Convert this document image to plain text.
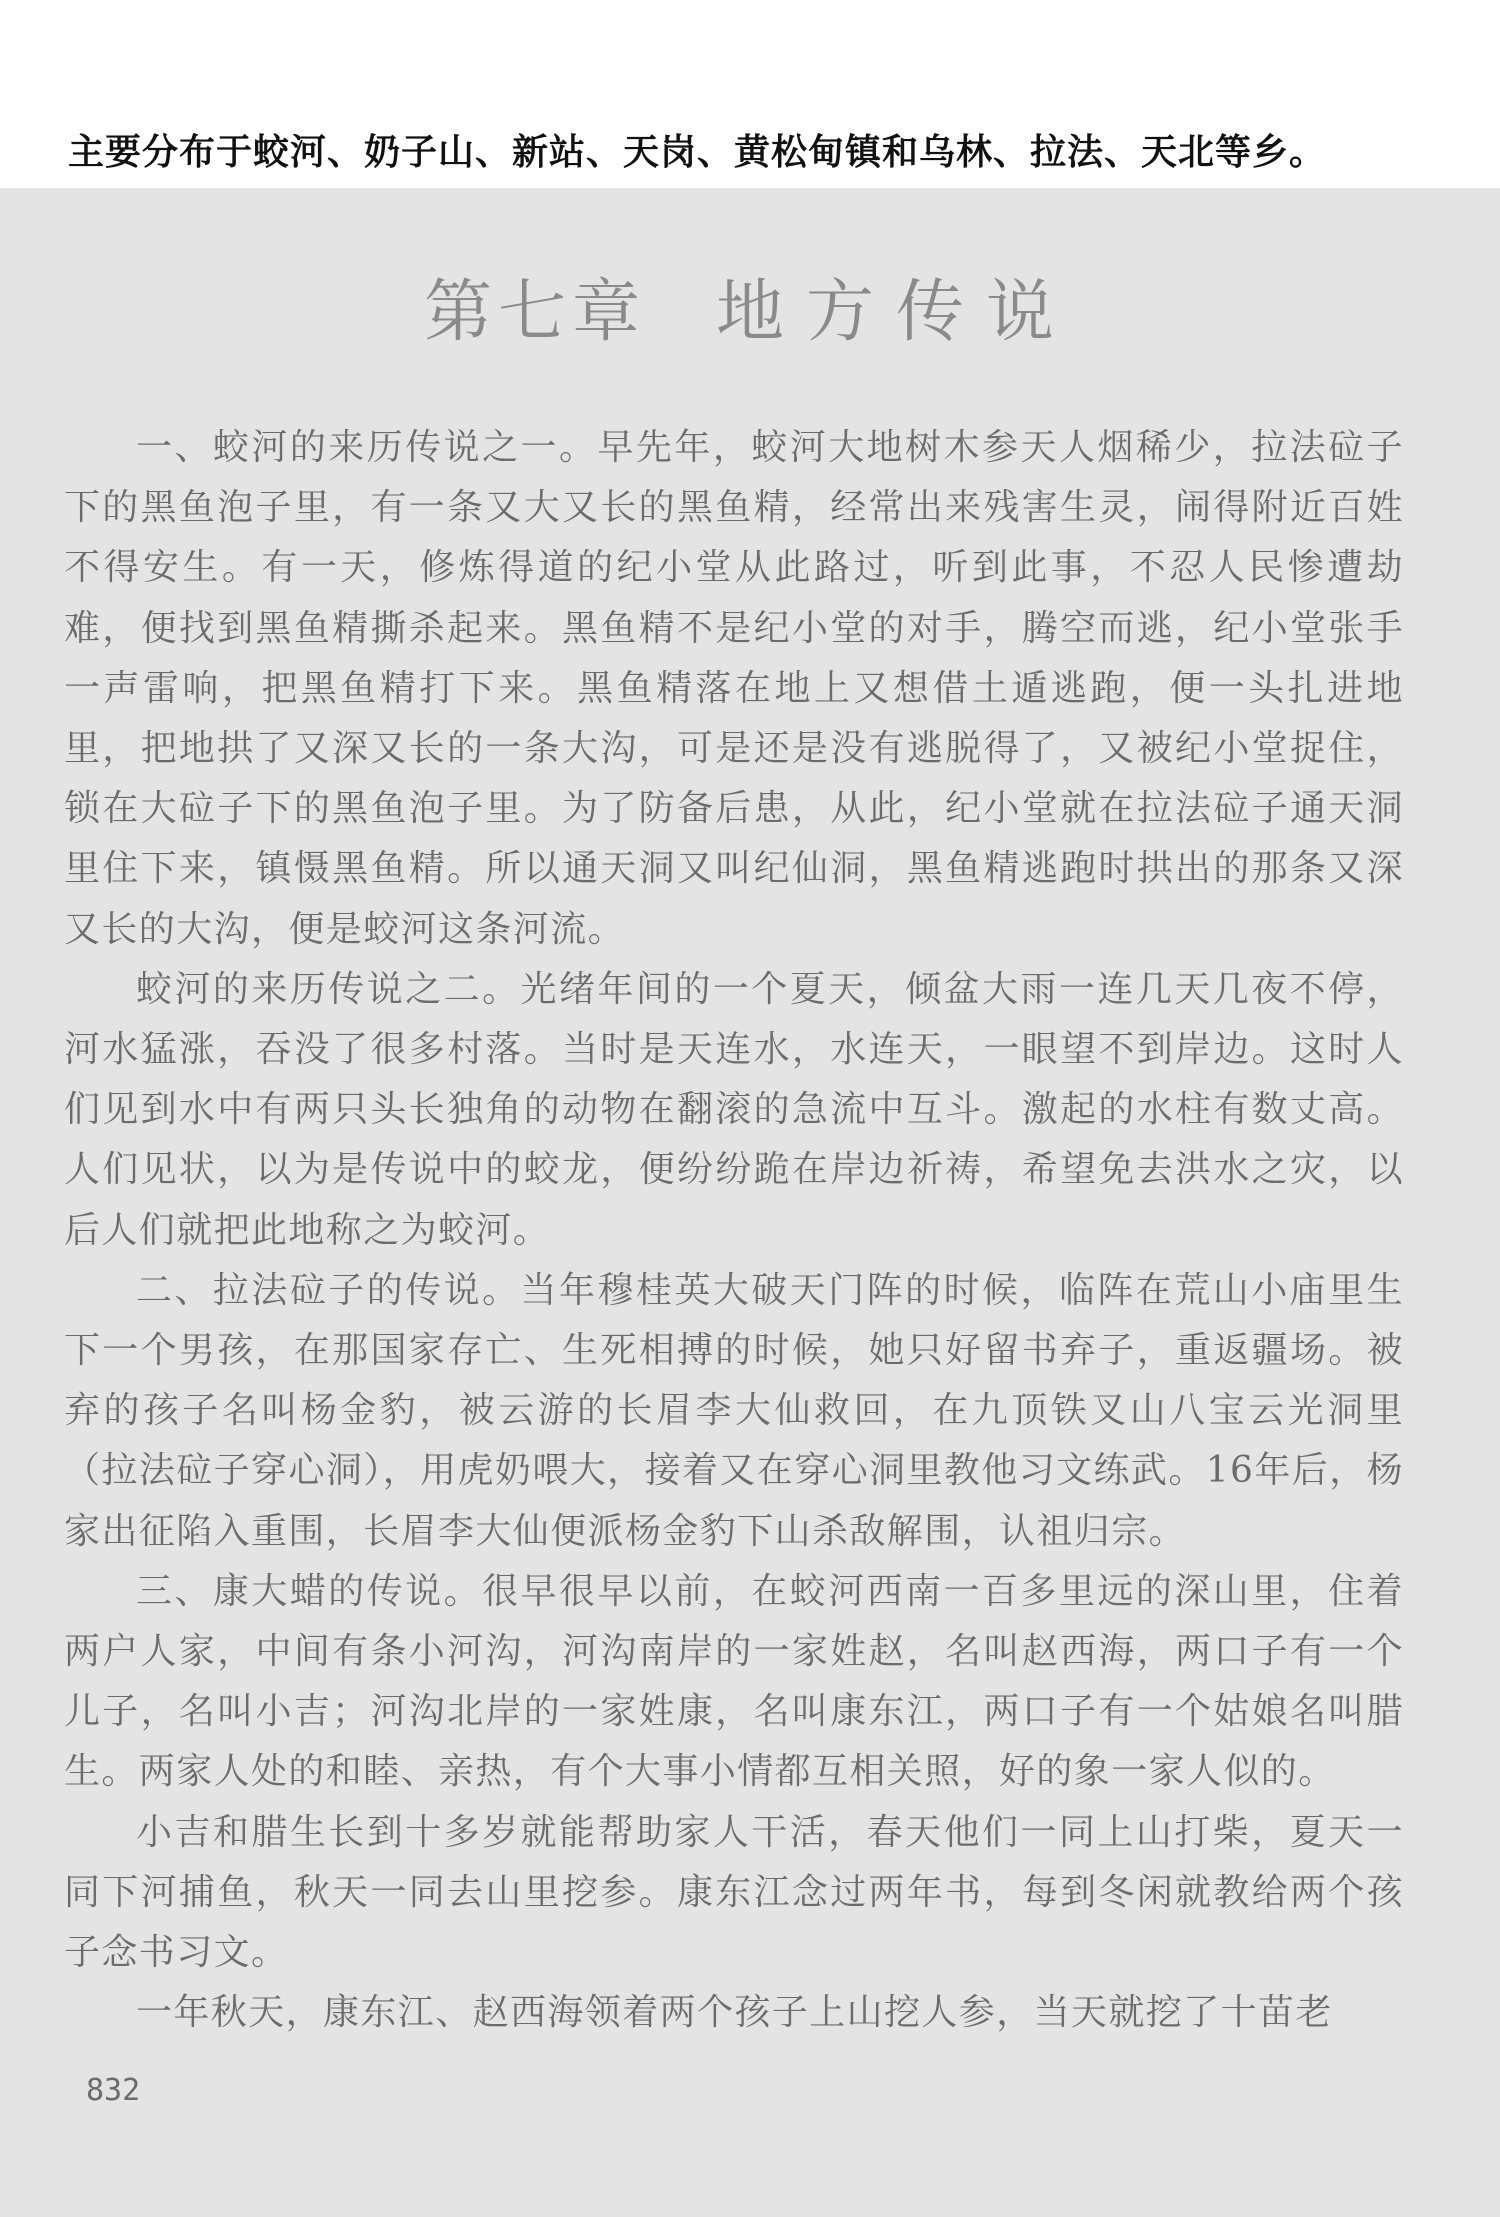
主要分布于蛟河、奶子山、新站、天岗、黄松甸镇和乌林、拉法、天北等乡。
第七章 地方传说

一、蛟河的来历传说之一。早先年，蛟河大地树木参天人烟稀少，拉法砬子下的黑鱼泡子里，有一条又大又长的黑鱼精，经常出来残害生灵，闹得附近百姓不得安生。有一天，修炼得道的纪小堂从此路过，听到此事，不忍人民惨遭劫难，便找到黑鱼精撕杀起来。黑鱼精不是纪小堂的对手，腾空而逃，纪小堂张手一声雷响，把黑鱼精打下来。黑鱼精落在地上又想借土遁逃跑，便一头扎进地里，把地拱了又深又长的一条大沟，可是还是没有逃脱得了，又被纪小堂捉住，锁在大砬子下的黑鱼泡子里。为了防备后患，从此，纪小堂就在拉法砬子通天洞里住下来，镇慑黑鱼精。所以通天洞又叫纪仙洞，黑鱼精逃跑时拱出的那条又深又长的大沟，便是蛟河这条河流。

蛟河的来历传说之二。光绪年间的一个夏天，倾盆大雨一连几天几夜不停，河水猛涨，吞没了很多村落。当时是天连水，水连天，一眼望不到岸边。这时人们见到水中有两只头长独角的动物在翻滚的急流中互斗。激起的水柱有数丈高。人们见状，以为是传说中的蛟龙，便纷纷跪在岸边祈祷，希望免去洪水之灾，以后人们就把此地称之为蛟河。

二、拉法砬子的传说。当年穆桂英大破天门阵的时候，临阵在荒山小庙里生下一个男孩，在那国家存亡、生死相搏的时候，她只好留书弃子，重返疆场。被弃的孩子名叫杨金豹，被云游的长眉李大仙救回，在九顶铁叉山八宝云光洞里（拉法砬子穿心洞），用虎奶喂大，接着又在穿心洞里教他习文练武。16年后，杨家出征陷入重围，长眉李大仙便派杨金豹下山杀敌解围，认祖归宗。

三、康大蜡的传说。很早很早以前，在蛟河西南一百多里远的深山里，住着两户人家，中间有条小河沟，河沟南岸的一家姓赵，名叫赵西海，两口子有一个儿子，名叫小吉；河沟北岸的一家姓康，名叫康东江，两口子有一个姑娘名叫腊生。两家人处的和睦、亲热，有个大事小情都互相关照，好的象一家人似的。

小吉和腊生长到十多岁就能帮助家人干活，春天他们一同上山打柴，夏天一同下河捕鱼，秋天一同去山里挖参。康东江念过两年书，每到冬闲就教给两个孩子念书习文。

一年秋天，康东江、赵西海领着两个孩子上山挖人参，当天就挖了十苗老

832
